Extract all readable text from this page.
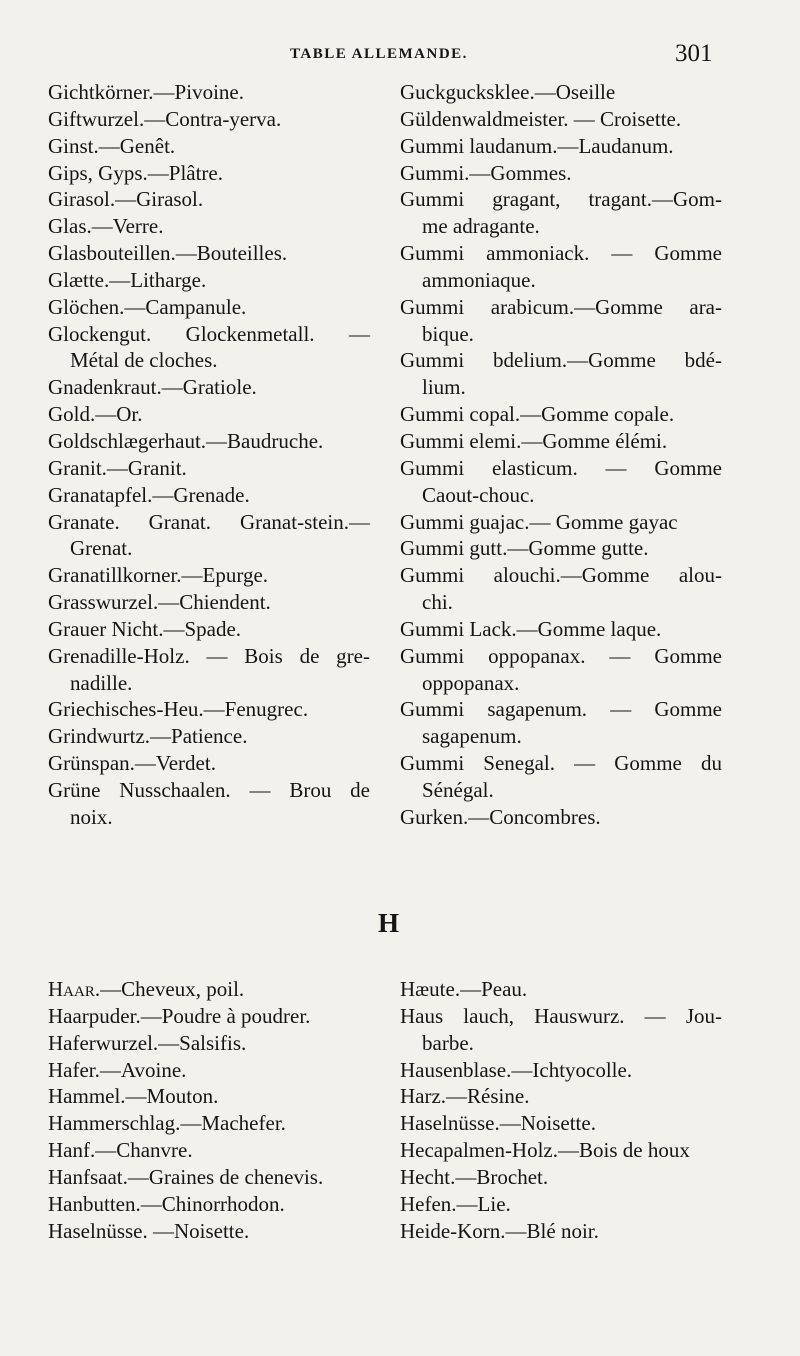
TABLE ALLEMANDE.	301
Gichtkörner.—Pivoine.
Giftwurzel.—Contra-yerva.
Ginst.—Genêt.
Gips, Gyps.—Plâtre.
Girasol.—Girasol.
Glas.—Verre.
Glasbouteillen.—Bouteilles.
Glætte.—Litharge.
Glöchen.—Campanule.
Glockengut. Glockenmetall. —
Métal de cloches.
Gnadenkraut.—Gratiole.
Gold.—Or.
Goldschlægerhaut.—Baudruche.
Granit.—Granit.
Granatapfel.—Grenade.
Granate. Granat. Granat-stein.—
Grenat.
Granatillkorner.—Epurge.
Grasswurzel.—Chiendent.
Grauer Nicht.—Spade.
Grenadille-Holz. — Bois de gre-
nadille.
Griechisches-Heu.—Fenugrec.
Grindwurtz.—Patience.
Grünspan.—Verdet.
Grüne Nusschaalen. — Brou de
noix.
Guckgucksklee.—Oseille
Güldenwaldmeister. — Croisette.
Gummi laudanum.—Laudanum.
Gummi.—Gommes.
Gummi gragant, tragant.—Gom-
me adragante.
Gummi ammoniack. — Gomme
ammoniaque.
Gummi arabicum.—Gomme ara-
bique.
Gummi bdelium.—Gomme bdé-
lium.
Gummi copal.—Gomme copale.
Gummi elemi.—Gomme élémi.
Gummi elasticum. — Gomme
Caout-chouc.
Gummi guajac.— Gomme gayac
Gummi gutt.—Gomme gutte.
Gummi alouchi.—Gomme alou-
chi.
Gummi Lack.—Gomme laque.
Gummi oppopanax. — Gomme
oppopanax.
Gummi sagapenum. — Gomme
sagapenum.
Gummi Senegal. — Gomme du
Sénégal.
Gurken.—Concombres.
H
Haar.—Cheveux, poil.
Haarpuder.—Poudre à poudrer.
Haferwurzel.—Salsifis.
Hafer.—Avoine.
Hammel.—Mouton.
Hammerschlag.—Machefer.
Hanf.—Chanvre.
Hanfsaat.—Graines de chenevis.
Hanbutten.—Chinorrhodon.
Haselnüsse. —Noisette.
Hæute.—Peau.
Haus lauch, Hauswurz. — Jou-
barbe.
Hausenblase.—Ichtyocolle.
Harz.—Résine.
Haselnüsse.—Noisette.
Hecapalmen-Holz.—Bois de houx
Hecht.—Brochet.
Hefen.—Lie.
Heide-Korn.—Blé noir.
